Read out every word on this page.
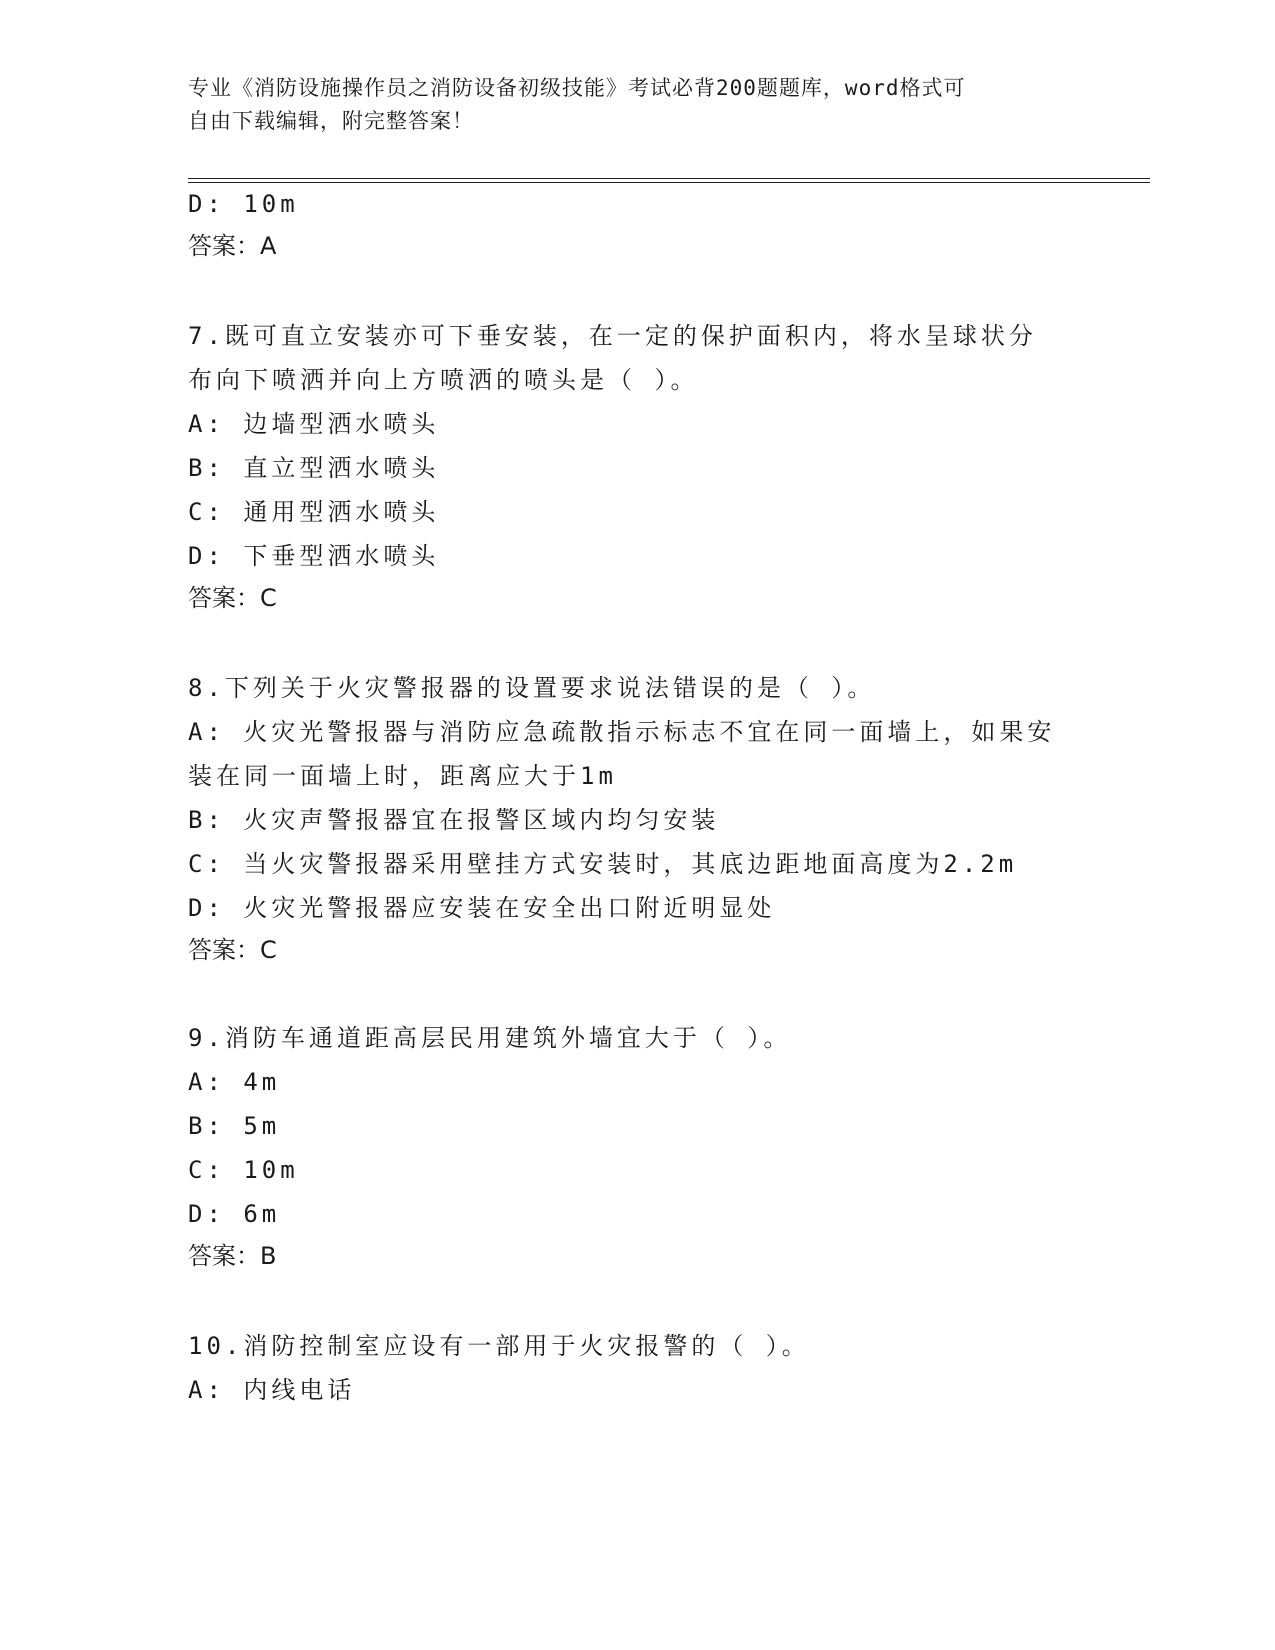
专业《消防设施操作员之消防设备初级技能》考试必背200题题库，word格式可
自由下载编辑，附完整答案！
D: 10m
答案：A
7.既可直立安装亦可下垂安装，在一定的保护面积内，将水呈球状分
布向下喷洒并向上方喷洒的喷头是（ ）。
A: 边墙型洒水喷头
B: 直立型洒水喷头
C: 通用型洒水喷头
D: 下垂型洒水喷头
答案：C
8.下列关于火灾警报器的设置要求说法错误的是（ ）。
A: 火灾光警报器与消防应急疏散指示标志不宜在同一面墙上，如果安
装在同一面墙上时，距离应大于1m
B: 火灾声警报器宜在报警区域内均匀安装
C: 当火灾警报器采用壁挂方式安装时，其底边距地面高度为2.2m
D: 火灾光警报器应安装在安全出口附近明显处
答案：C
9.消防车通道距高层民用建筑外墙宜大于（ ）。
A: 4m
B: 5m
C: 10m
D: 6m
答案：B
10.消防控制室应设有一部用于火灾报警的（ ）。
A: 内线电话
